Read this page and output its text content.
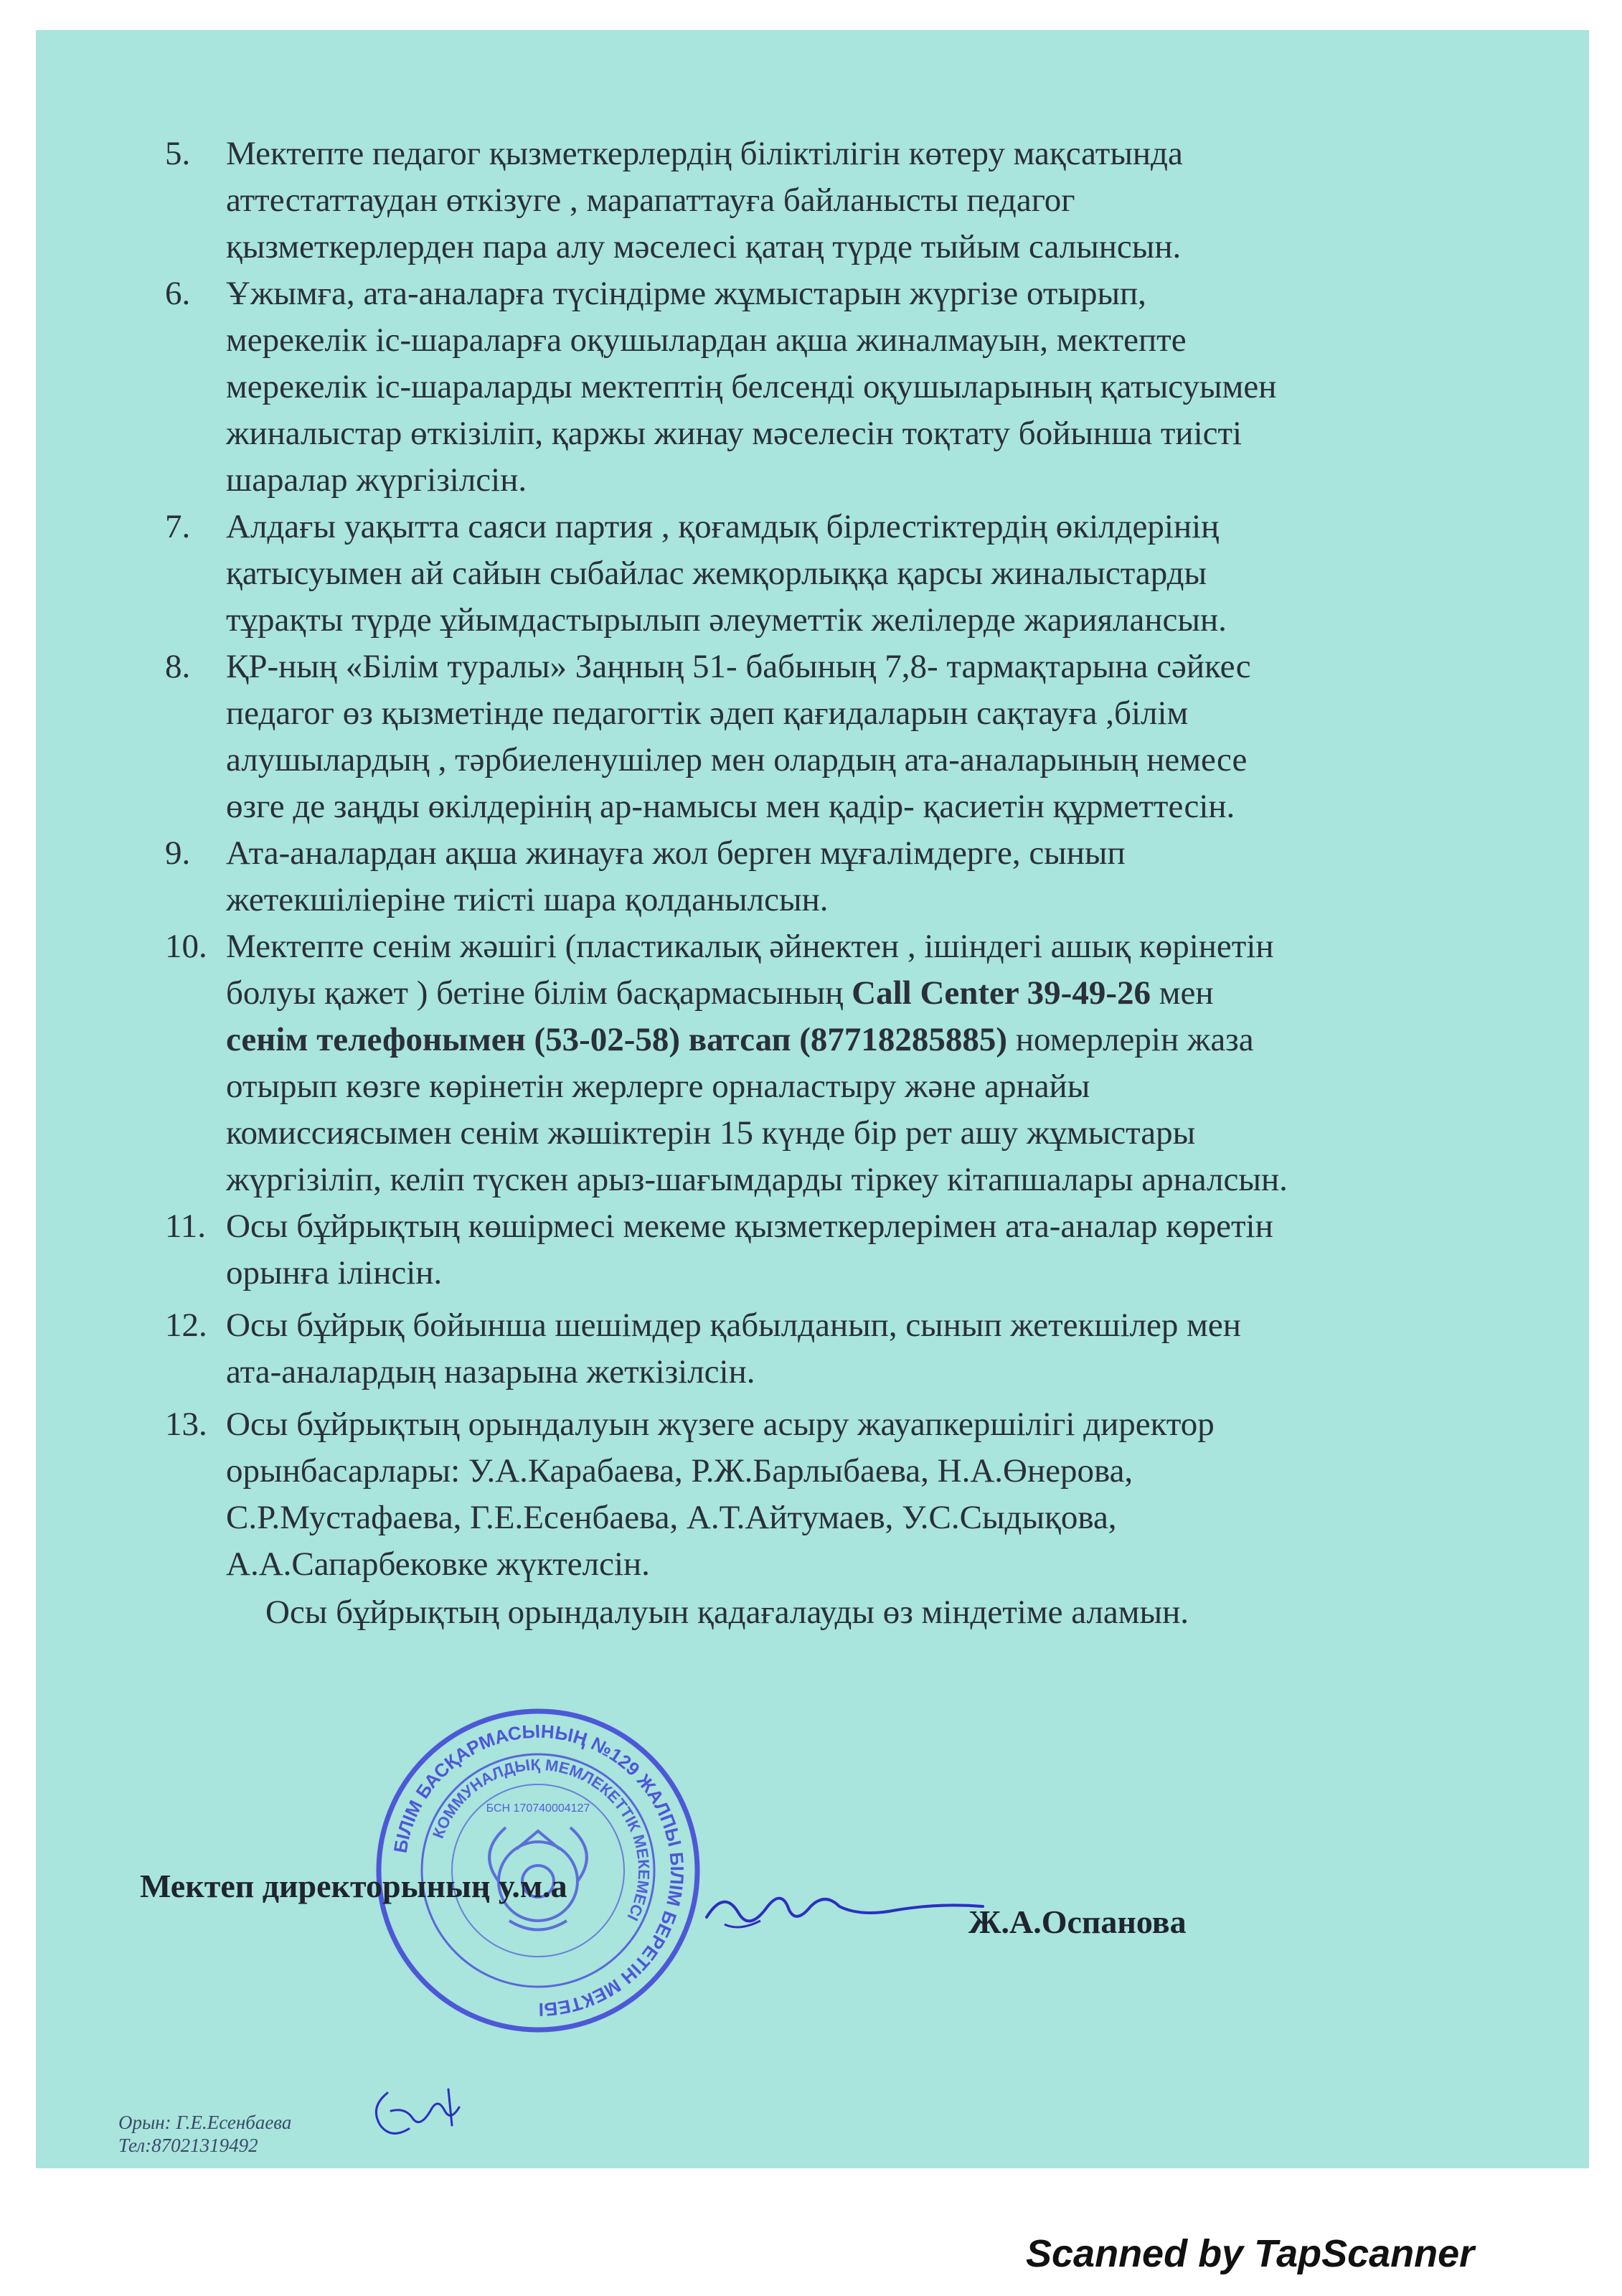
5.	Мектепте педагог қызметкерлердің біліктілігін көтеру мақсатында
аттестаттаудан өткізуге , марапаттауға байланысты педагог
қызметкерлерден пара алу мәселесі қатаң түрде тыйым салынсын.
6.	Ұжымға, ата-аналарға түсіндірме жұмыстарын жүргізе отырып,
мерекелік іс-шараларға оқушылардан ақша жиналмауын, мектепте
мерекелік іс-шараларды мектептің белсенді оқушыларының қатысуымен
жиналыстар өткізіліп, қаржы жинау мәселесін тоқтату бойынша тиісті
шаралар жүргізілсін.
7.	Алдағы уақытта саяси партия , қоғамдық бірлестіктердің өкілдерінің
қатысуымен ай сайын сыбайлас жемқорлыққа қарсы жиналыстарды
тұрақты түрде ұйымдастырылып әлеуметтік желілерде жариялансын.
8.	ҚР-ның «Білім туралы» Заңның 51- бабының 7,8- тармақтарына сәйкес
педагог өз қызметінде педагогтік әдеп қағидаларын сақтауға ,білім
алушылардың , тәрбиеленушілер мен олардың ата-аналарының немесе
өзге де заңды өкілдерінің ар-намысы мен қадір- қасиетін құрметтесін.
9.	Ата-аналардан ақша жинауға жол берген мұғалімдерге, сынып
жетекшіліеріне тиісті шара қолданылсын.
10. Мектепте сенім жәшігі (пластикалық әйнектен , ішіндегі ашық көрінетін
болуы қажет ) бетіне білім басқармасының Call Center 39-49-26 мен
сенім телефонымен (53-02-58) ватсап (87718285885) номерлерін жаза
отырып көзге көрінетін жерлерге орналастыру және арнайы
комиссиясымен сенім жәшіктерін 15 күнде бір рет ашу жұмыстары
жүргізіліп, келіп түскен арыз-шағымдарды тіркеу кітапшалары арналсын.
11. Осы бұйрықтың көшірмесі мекеме қызметкерлерімен ата-аналар көретін
орынға ілінсін.
12. Осы бұйрық бойынша шешімдер қабылданып, сынып жетекшілер мен
ата-аналардың назарына жеткізілсін.
13. Осы бұйрықтың орындалуын жүзеге асыру жауапкершілігі директор
орынбасарлары: У.А.Карабаева, Р.Ж.Барлыбаева, Н.А.Өнерова,
С.Р.Мустафаева, Г.Е.Есенбаева, А.Т.Айтумаев, У.С.Сыдықова,
А.А.Сапарбековке жүктелсін.
Осы бұйрықтың орындалуын қадағалауды өз міндетіме аламын.
БІЛІМ БАСҚАРМАСЫНЫҢ №129 ЖАЛПЫ БІЛІМ БЕРЕТІН МЕКТЕБІ
КОММУНАЛДЫҚ МЕМЛЕКЕТТІК МЕКЕМЕСІ
БСН 170740004127
Мектеп директорының у.м.а
Ж.А.Оспанова
Орын: Г.Е.Есенбаева
Тел:87021319492
Scanned by TapScanner
